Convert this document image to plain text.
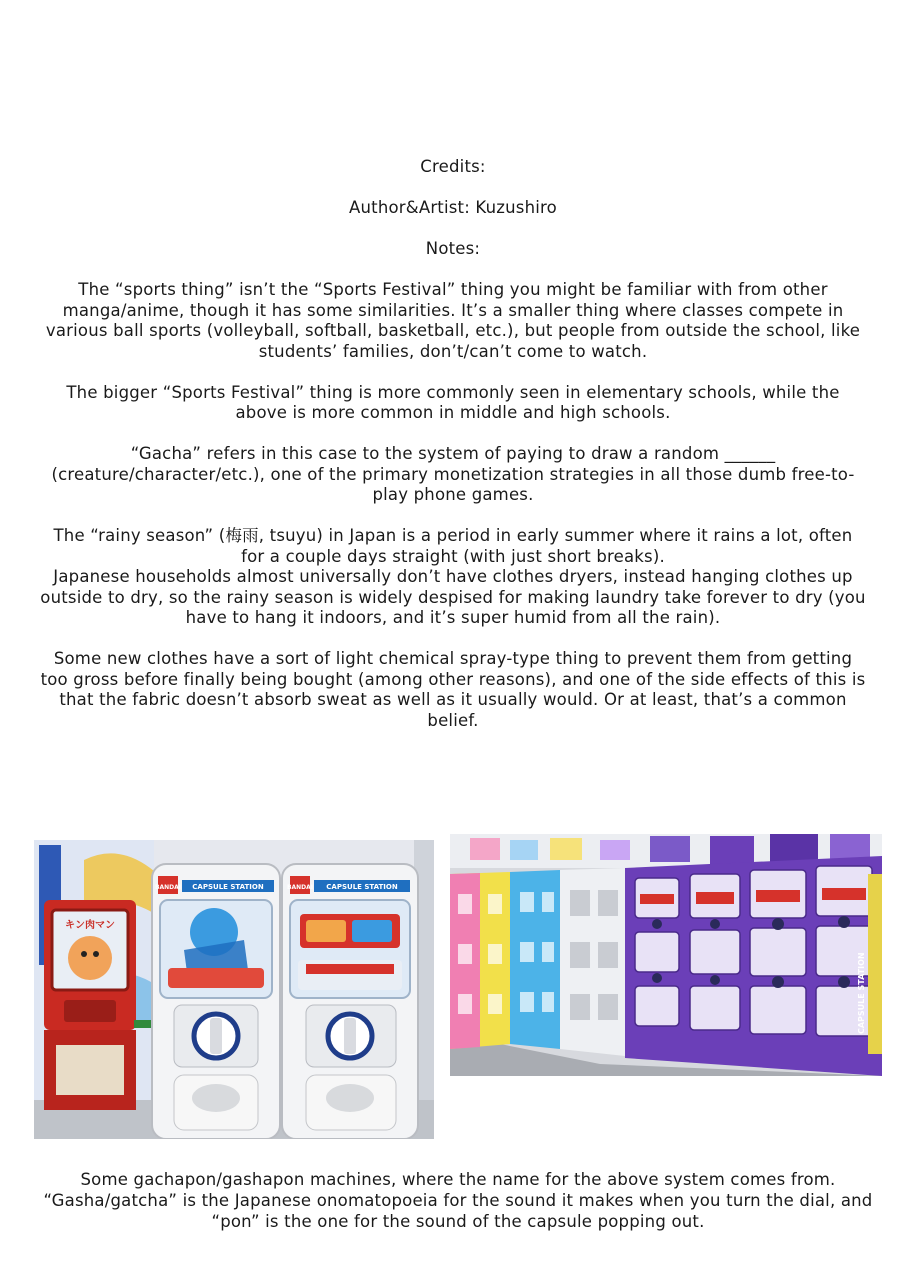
Credits:

Author&Artist: Kuzushiro

Notes:

The “sports thing” isn’t the “Sports Festival” thing you might be familiar with from other manga/anime, though it has some similarities. It’s a smaller thing where classes compete in various ball sports (volleyball, softball, basketball, etc.), but people from outside the school, like students’ families, don’t/can’t come to watch.

The bigger “Sports Festival” thing is more commonly seen in elementary schools, while the above is more common in middle and high schools.

“Gacha” refers in this case to the system of paying to draw a random ______ (creature/character/etc.), one of the primary monetization strategies in all those dumb free-to-play phone games.

The “rainy season” (梅雨, tsuyu) in Japan is a period in early summer where it rains a lot, often for a couple days straight (with just short breaks).

Japanese households almost universally don’t have clothes dryers, instead hanging clothes up outside to dry, so the rainy season is widely despised for making laundry take forever to dry (you have to hang it indoors, and it’s super humid from all the rain).

Some new clothes have a sort of light chemical spray-type thing to prevent them from getting too gross before finally being bought (among other reasons), and one of the side effects of this is that the fabric doesn’t absorb sweat as well as it usually would. Or at least, that’s a common belief.

キン肉マン
BANDAI CAPSULE STATION	BANDAI CAPSULE STATION
CAPSULE STATION

Some gachapon/gashapon machines, where the name for the above system comes from.

“Gasha/gatcha” is the Japanese onomatopoeia for the sound it makes when you turn the dial, and “pon” is the one for the sound of the capsule popping out.
